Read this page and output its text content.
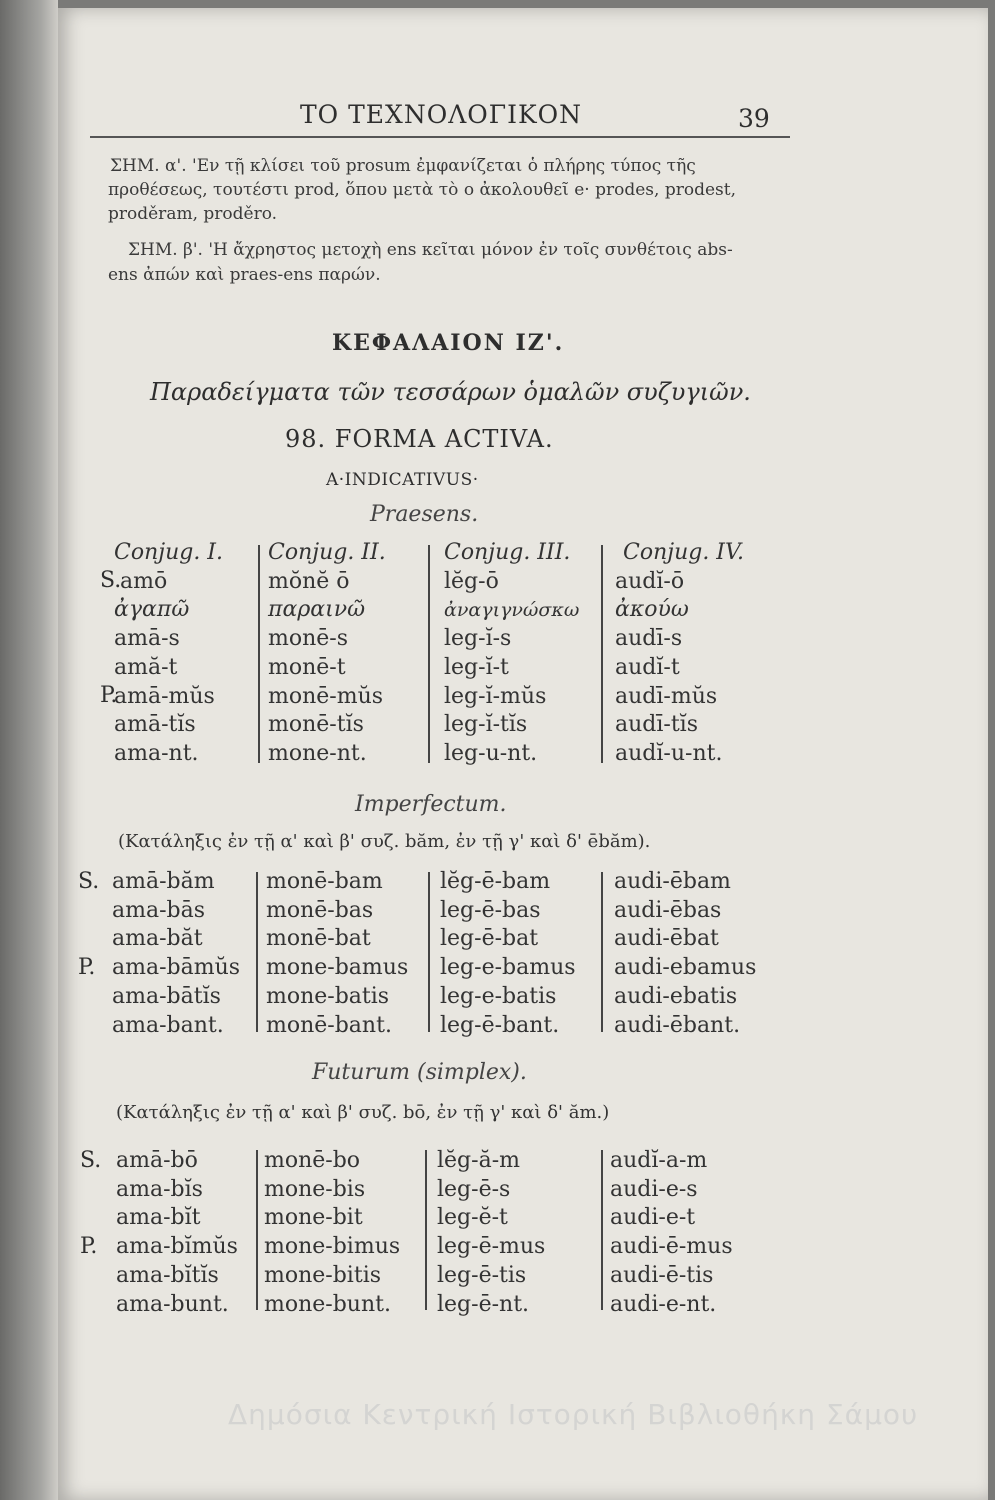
ΤΟ ΤΕΧΝΟΛΟΓΙΚΟΝ	39
ΣΗΜ. α'. 'Εν τῇ κλίσει τοῦ prosum ἐμφανίζεται ὁ πλήρης τύπος τῆς
προθέσεως, τουτέστι prod, ὅπου μετὰ τὸ ο ἀκολουθεῖ e· prodes, prodest,
proděram, proděro.
ΣΗΜ. β'. 'Η ἄχρηστος μετοχὴ ens κεῖται μόνον ἐν τοῖς συνθέτοις abs-
ens ἀπών καὶ praes-ens παρών.
ΚΕΦΑΛΑΙΟΝ ΙΖ'.
Παραδείγματα τῶν τεσσάρων ὁμαλῶν συζυγιῶν.
98. FORMA ACTIVA.
A·INDICATIVUS·
Praesens.
S.
P.
Conjug. I.
amō
ἀγαπῶ
amā-s
amă-t
amā-mŭs
amā-tĭs
ama-nt.
Conjug. II.
mŏnĕ ō
παραινῶ
monē-s
monē-t
monē-mŭs
monē-tĭs
mone-nt.
Conjug. III.
lĕg-ō
ἀναγιγνώσκω
leg-ĭ-s
leg-ĭ-t
leg-ĭ-mŭs
leg-ĭ-tĭs
leg-u-nt.
Conjug. IV.
audĭ-ō
ἀκούω
audī-s
audĭ-t
audī-mŭs
audī-tĭs
audĭ-u-nt.
Imperfectum.
(Κατάληξις ἐν τῇ α' καὶ β' συζ. băm, ἐν τῇ γ' καὶ δ' ēbăm).
S.
P.
amā-băm
ama-bās
ama-băt
ama-bāmŭs
ama-bātĭs
ama-bant.
monē-bam
monē-bas
monē-bat
mone-bamus
mone-batis
monē-bant.
lĕg-ē-bam
leg-ē-bas
leg-ē-bat
leg-e-bamus
leg-e-batis
leg-ē-bant.
audi-ēbam
audi-ēbas
audi-ēbat
audi-ebamus
audi-ebatis
audi-ēbant.
Futurum (simplex).
(Κατάληξις ἐν τῇ α' καὶ β' συζ. bō, ἐν τῇ γ' καὶ δ' ăm.)
S.
P.
amā-bō
ama-bĭs
ama-bĭt
ama-bĭmŭs
ama-bĭtĭs
ama-bunt.
monē-bo
mone-bis
mone-bit
mone-bimus
mone-bitis
mone-bunt.
lĕg-ă-m
leg-ē-s
leg-ĕ-t
leg-ē-mus
leg-ē-tis
leg-ē-nt.
audĭ-a-m
audi-e-s
audi-e-t
audi-ē-mus
audi-ē-tis
audi-e-nt.
Δημόσια Κεντρική Ιστορική Βιβλιοθήκη Σάμου
